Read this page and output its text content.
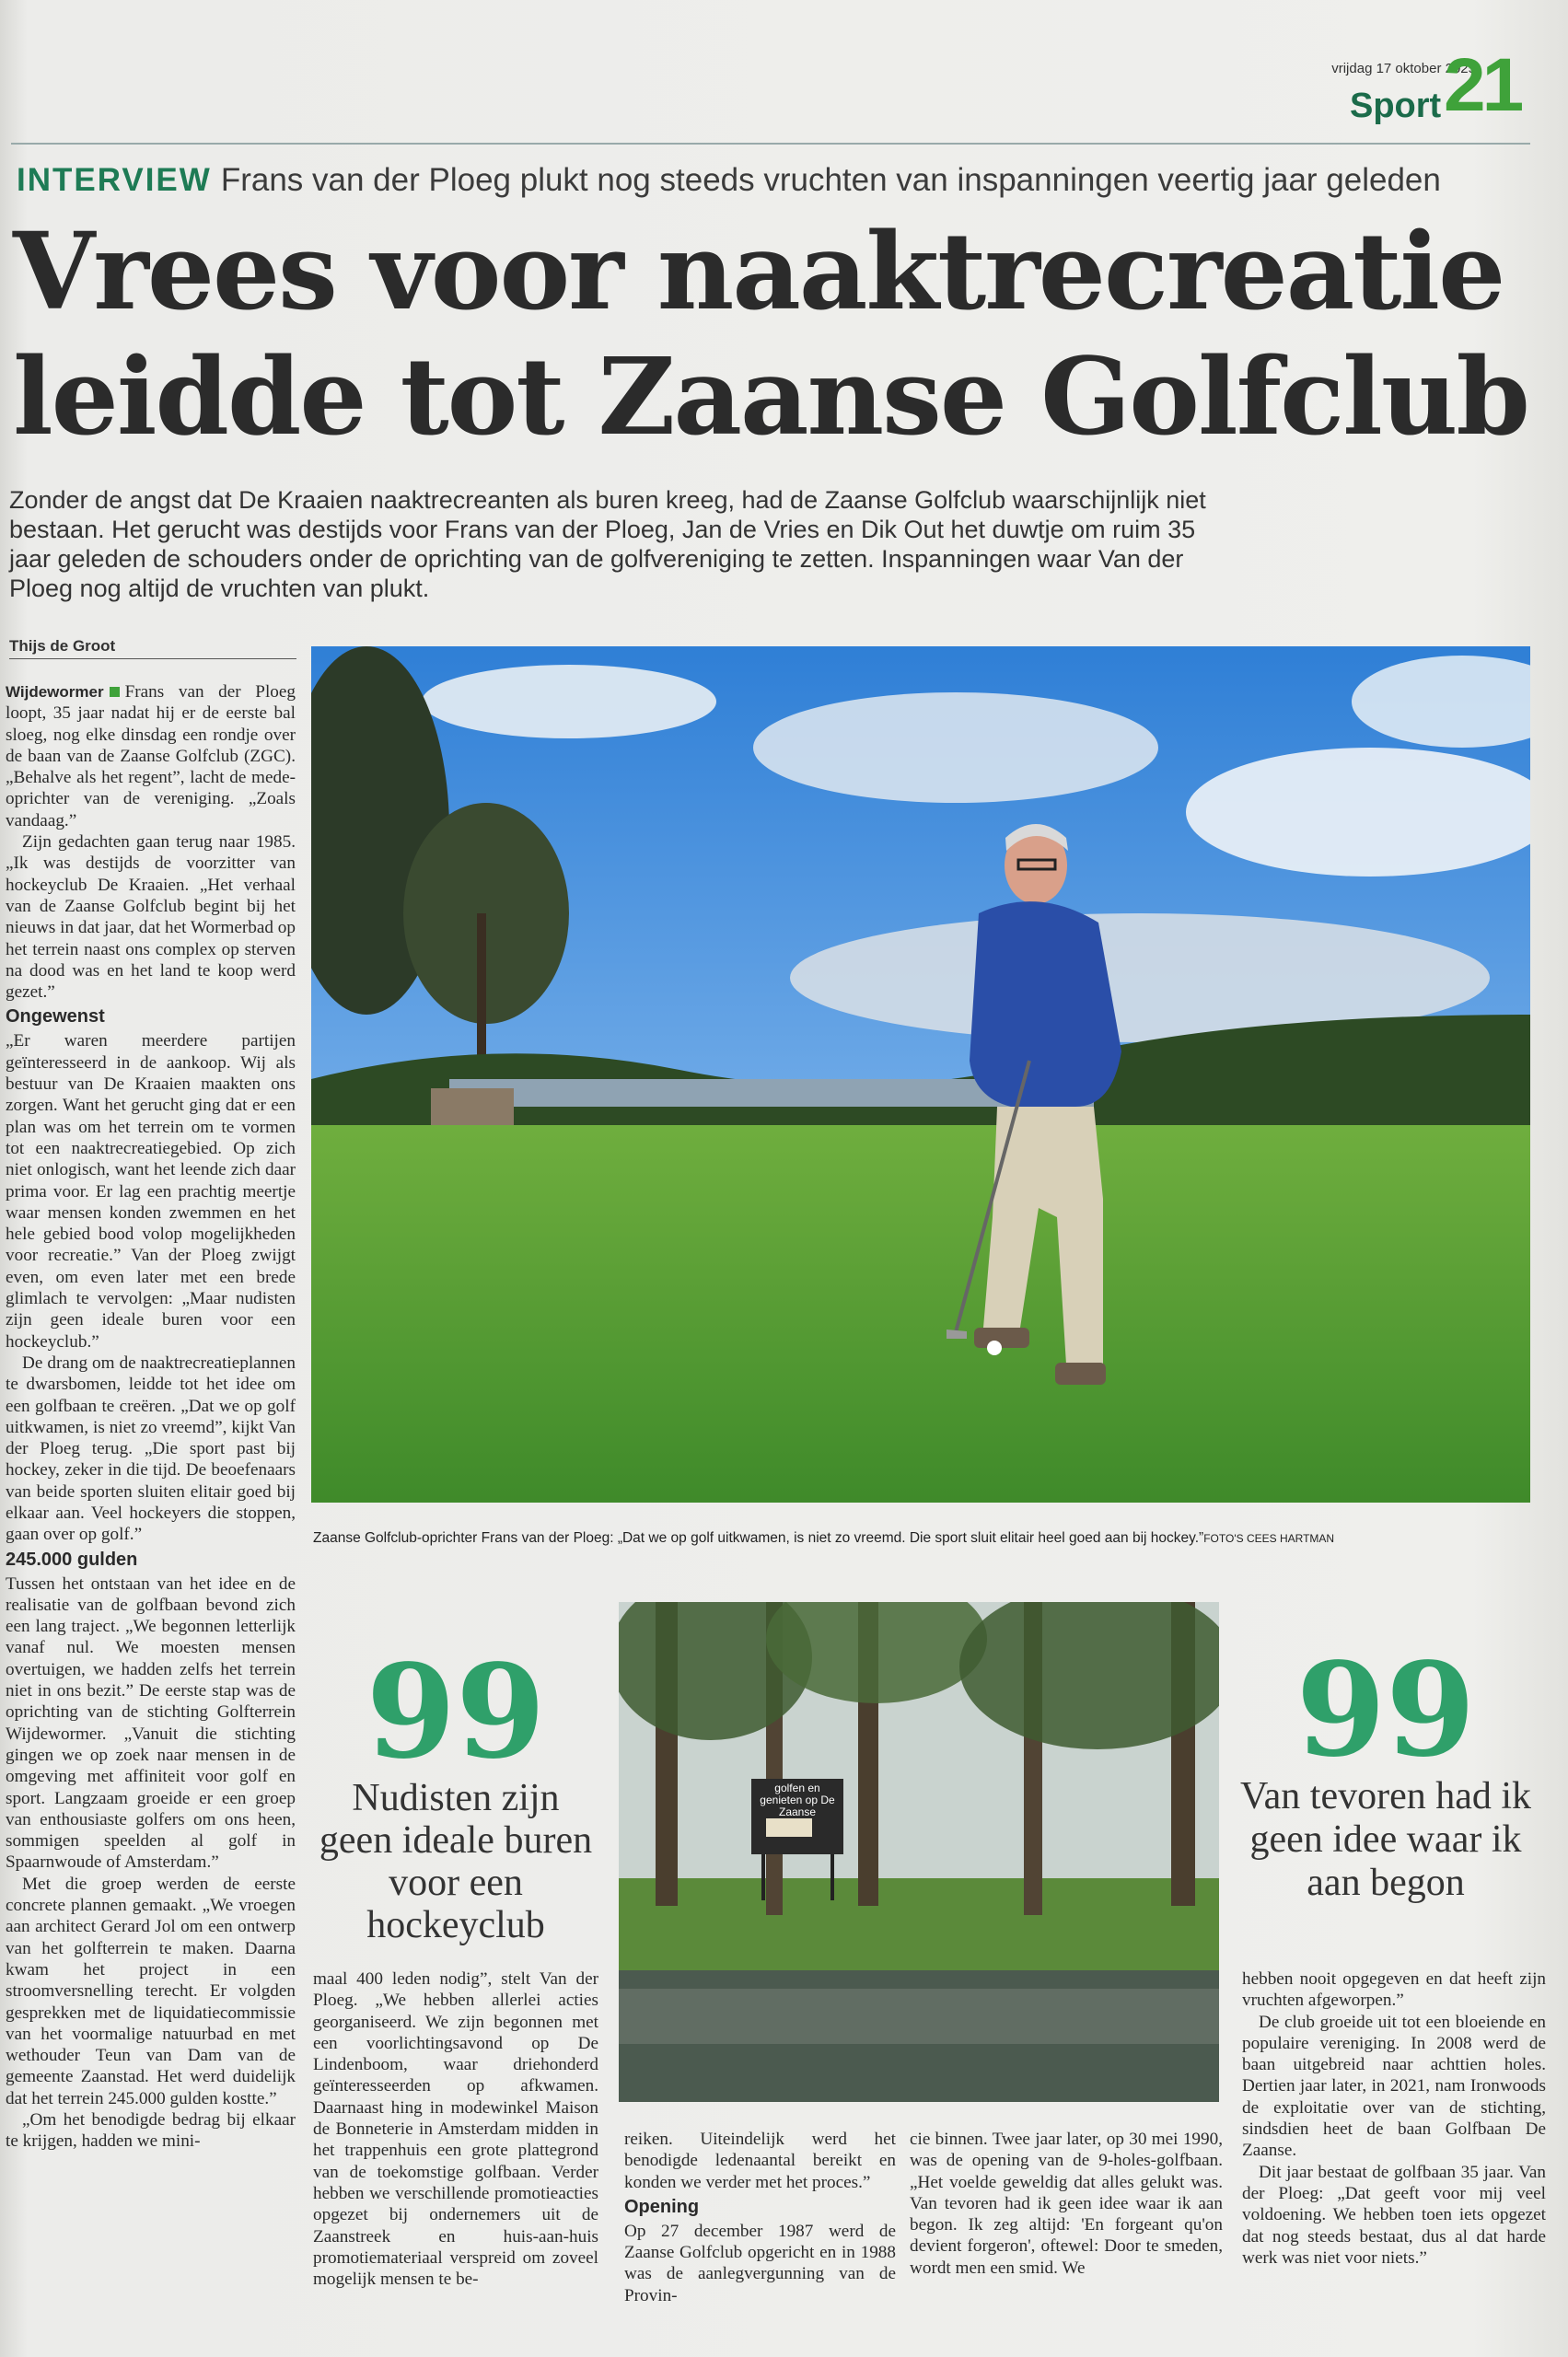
vrijdag 17 oktober 2025
Sport 21
INTERVIEW Frans van der Ploeg plukt nog steeds vruchten van inspanningen veertig jaar geleden
Vrees voor naaktrecreatie
leidde tot Zaanse Golfclub
Zonder de angst dat De Kraaien naaktrecreanten als buren kreeg, had de Zaanse Golfclub waarschijnlijk niet bestaan. Het gerucht was destijds voor Frans van der Ploeg, Jan de Vries en Dik Out het duwtje om ruim 35 jaar geleden de schouders onder de oprichting van de golfvereniging te zetten. Inspanningen waar Van der Ploeg nog altijd de vruchten van plukt.
Thijs de Groot

Wijdewormer Frans van der Ploeg loopt, 35 jaar nadat hij er de eerste bal sloeg, nog elke dinsdag een rondje over de baan van de Zaanse Golfclub (ZGC). „Behalve als het regent”, lacht de mede-oprichter van de vereniging. „Zoals vandaag.”

Zijn gedachten gaan terug naar 1985. „Ik was destijds de voorzitter van hockeyclub De Kraaien. „Het verhaal van de Zaanse Golfclub begint bij het nieuws in dat jaar, dat het Wormerbad op het terrein naast ons complex op sterven na dood was en het land te koop werd gezet.”

Ongewenst

„Er waren meerdere partijen geïnteresseerd in de aankoop. Wij als bestuur van De Kraaien maakten ons zorgen. Want het gerucht ging dat er een plan was om het terrein om te vormen tot een naaktrecreatiegebied. Op zich niet onlogisch, want het leende zich daar prima voor. Er lag een prachtig meertje waar mensen konden zwemmen en het hele gebied bood volop mogelijkheden voor recreatie.” Van der Ploeg zwijgt even, om even later met een brede glimlach te vervolgen: „Maar nudisten zijn geen ideale buren voor een hockeyclub.”

De drang om de naaktrecreatieplannen te dwarsbomen, leidde tot het idee om een golfbaan te creëren. „Dat we op golf uitkwamen, is niet zo vreemd”, kijkt Van der Ploeg terug. „Die sport past bij hockey, zeker in die tijd. De beoefenaars van beide sporten sluiten elitair goed bij elkaar aan. Veel hockeyers die stoppen, gaan over op golf.”

245.000 gulden

Tussen het ontstaan van het idee en de realisatie van de golfbaan bevond zich een lang traject. „We begonnen letterlijk vanaf nul. We moesten mensen overtuigen, we hadden zelfs het terrein niet in ons bezit.” De eerste stap was de oprichting van de stichting Golfterrein Wijdewormer. „Vanuit die stichting gingen we op zoek naar mensen in de omgeving met affiniteit voor golf en sport. Langzaam groeide er een groep van enthousiaste golfers om ons heen, sommigen speelden al golf in Spaarnwoude of Amsterdam.”

Met die groep werden de eerste concrete plannen gemaakt. „We vroegen aan architect Gerard Jol om een ontwerp van het golfterrein te maken. Daarna kwam het project in een stroomversnelling terecht. Er volgden gesprekken met de liquidatiecommissie van het voormalige natuurbad en met wethouder Teun van Dam van de gemeente Zaanstad. Het werd duidelijk dat het terrein 245.000 gulden kostte.”

„Om het benodigde bedrag bij elkaar te krijgen, hadden we mini-

Zaanse Golfclub-oprichter Frans van der Ploeg: „Dat we op golf uitkwamen, is niet zo vreemd. Die sport sluit elitair heel goed aan bij hockey.”FOTO'S CEES HARTMAN
99
Nudisten zijn geen ideale buren voor een hockeyclub
golfen en genieten op De Zaanse
99
Van tevoren had ik geen idee waar ik aan begon

maal 400 leden nodig”, stelt Van der Ploeg. „We hebben allerlei acties georganiseerd. We zijn begonnen met een voorlichtingsavond op De Lindenboom, waar driehonderd geïnteresseerden op afkwamen. Daarnaast hing in modewinkel Maison de Bonneterie in Amsterdam midden in het trappenhuis een grote plattegrond van de toekomstige golfbaan. Verder hebben we verschillende promotieacties opgezet bij ondernemers uit de Zaanstreek en huis-aan-huis promotiemateriaal verspreid om zoveel mogelijk mensen te be-

reiken. Uiteindelijk werd het benodigde ledenaantal bereikt en konden we verder met het proces.”

Opening

Op 27 december 1987 werd de Zaanse Golfclub opgericht en in 1988 was de aanlegvergunning van de Provin-

cie binnen. Twee jaar later, op 30 mei 1990, was de opening van de 9-holes-golfbaan. „Het voelde geweldig dat alles gelukt was. Van tevoren had ik geen idee waar ik aan begon. Ik zeg altijd: 'En forgeant qu'on devient forgeron', oftewel: Door te smeden, wordt men een smid. We

hebben nooit opgegeven en dat heeft zijn vruchten afgeworpen.”

De club groeide uit tot een bloeiende en populaire vereniging. In 2008 werd de baan uitgebreid naar achttien holes. Dertien jaar later, in 2021, nam Ironwoods de exploitatie over van de stichting, sindsdien heet de baan Golfbaan De Zaanse.

Dit jaar bestaat de golfbaan 35 jaar. Van der Ploeg: „Dat geeft voor mij veel voldoening. We hebben toen iets opgezet dat nog steeds bestaat, dus al dat harde werk was niet voor niets.”
